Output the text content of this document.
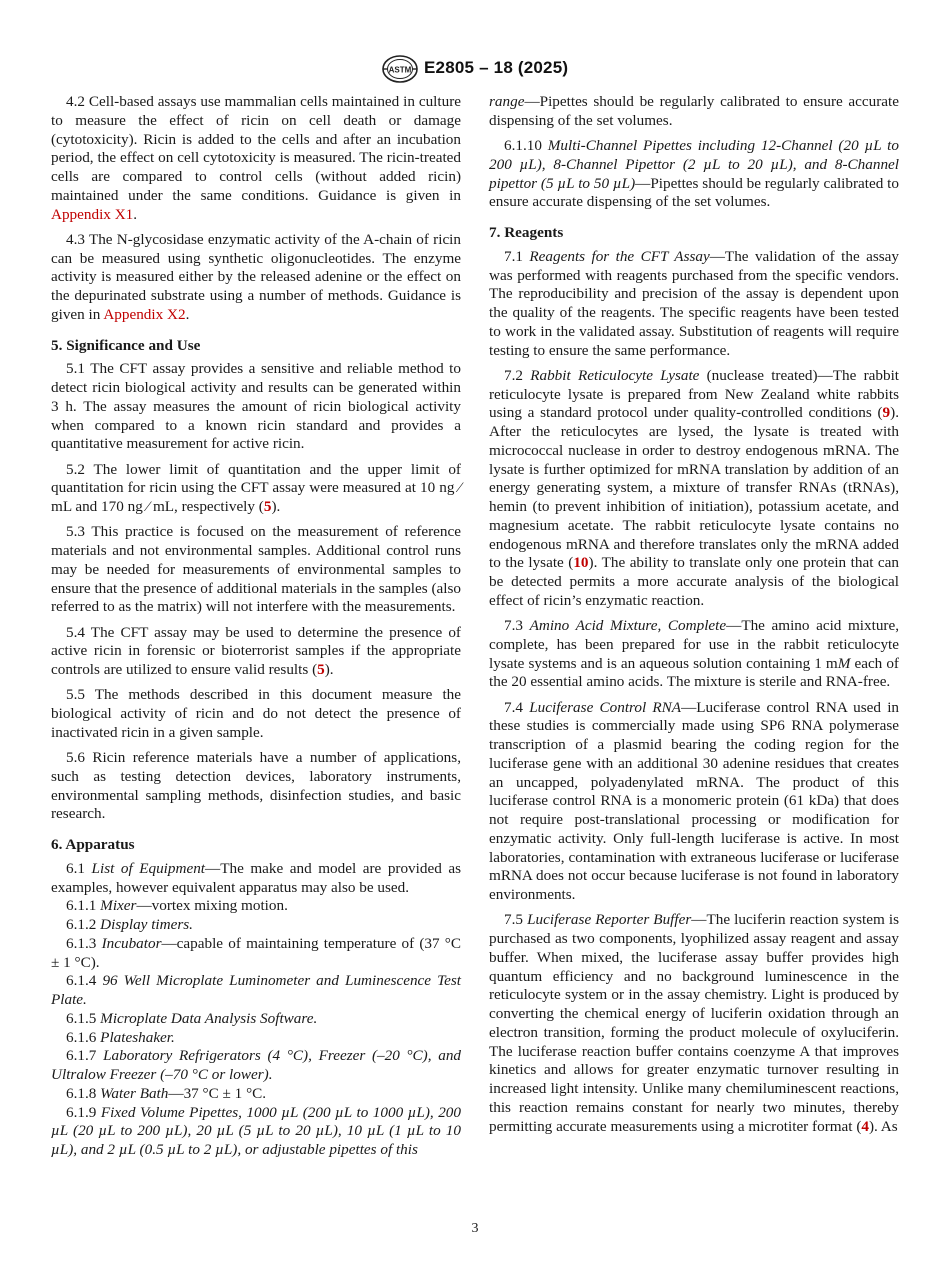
ASTM E2805 – 18 (2025)

4.2 Cell-based assays use mammalian cells maintained in culture to measure the effect of ricin on cell death or damage (cytotoxicity). Ricin is added to the cells and after an incubation period, the effect on cell cytotoxicity is measured. The ricin-treated cells are compared to control cells (without added ricin) maintained under the same conditions. Guidance is given in Appendix X1.

4.3 The N-glycosidase enzymatic activity of the A-chain of ricin can be measured using synthetic oligonucleotides. The enzyme activity is measured either by the released adenine or the effect on the depurinated substrate using a number of methods. Guidance is given in Appendix X2.

5. Significance and Use

5.1 The CFT assay provides a sensitive and reliable method to detect ricin biological activity and results can be generated within 3 h. The assay measures the amount of ricin biological activity when compared to a known ricin standard and provides a quantitative measurement for active ricin.

5.2 The lower limit of quantitation and the upper limit of quantitation for ricin using the CFT assay were measured at 10 ng ⁄ mL and 170 ng ⁄ mL, respectively (5).

5.3 This practice is focused on the measurement of reference materials and not environmental samples. Additional control runs may be needed for measurements of environmental samples to ensure that the presence of additional materials in the samples (also referred to as the matrix) will not interfere with the measurements.

5.4 The CFT assay may be used to determine the presence of active ricin in forensic or bioterrorist samples if the appropriate controls are utilized to ensure valid results (5).

5.5 The methods described in this document measure the biological activity of ricin and do not detect the presence of inactivated ricin in a given sample.

5.6 Ricin reference materials have a number of applications, such as testing detection devices, laboratory instruments, environmental sampling methods, disinfection studies, and basic research.

6. Apparatus

6.1 List of Equipment—The make and model are provided as examples, however equivalent apparatus may also be used.

6.1.1 Mixer—vortex mixing motion.

6.1.2 Display timers.

6.1.3 Incubator—capable of maintaining temperature of (37 °C ± 1 °C).

6.1.4 96 Well Microplate Luminometer and Luminescence Test Plate.

6.1.5 Microplate Data Analysis Software.

6.1.6 Plateshaker.

6.1.7 Laboratory Refrigerators (4 °C), Freezer (–20 °C), and Ultralow Freezer (–70 °C or lower).

6.1.8 Water Bath—37 °C ± 1 °C.

6.1.9 Fixed Volume Pipettes, 1000 µL (200 µL to 1000 µL), 200 µL (20 µL to 200 µL), 20 µL (5 µL to 20 µL), 10 µL (1 µL to 10 µL), and 2 µL (0.5 µL to 2 µL), or adjustable pipettes of this

range—Pipettes should be regularly calibrated to ensure accurate dispensing of the set volumes.

6.1.10 Multi-Channel Pipettes including 12-Channel (20 µL to 200 µL), 8-Channel Pipettor (2 µL to 20 µL), and 8-Channel pipettor (5 µL to 50 µL)—Pipettes should be regularly calibrated to ensure accurate dispensing of the set volumes.

7. Reagents

7.1 Reagents for the CFT Assay—The validation of the assay was performed with reagents purchased from the specific vendors. The reproducibility and precision of the assay is dependent upon the quality of the reagents. The specific reagents have been tested to work in the validated assay. Substitution of reagents will require testing to ensure the same performance.

7.2 Rabbit Reticulocyte Lysate (nuclease treated)—The rabbit reticulocyte lysate is prepared from New Zealand white rabbits using a standard protocol under quality-controlled conditions (9). After the reticulocytes are lysed, the lysate is treated with micrococcal nuclease in order to destroy endogenous mRNA. The lysate is further optimized for mRNA translation by addition of an energy generating system, a mixture of transfer RNAs (tRNAs), hemin (to prevent inhibition of initiation), potassium acetate, and magnesium acetate. The rabbit reticulocyte lysate contains no endogenous mRNA and therefore translates only the mRNA added to the lysate (10). The ability to translate only one protein that can be detected permits a more accurate analysis of the biological effect of ricin’s enzymatic reaction.

7.3 Amino Acid Mixture, Complete—The amino acid mixture, complete, has been prepared for use in the rabbit reticulocyte lysate systems and is an aqueous solution containing 1 mM each of the 20 essential amino acids. The mixture is sterile and RNA-free.

7.4 Luciferase Control RNA—Luciferase control RNA used in these studies is commercially made using SP6 RNA polymerase transcription of a plasmid bearing the coding region for the luciferase gene with an additional 30 adenine residues that creates an uncapped, polyadenylated mRNA. The product of this luciferase control RNA is a monomeric protein (61 kDa) that does not require post-translational processing or modification for enzymatic activity. Only full-length luciferase is active. In most laboratories, contamination with extraneous luciferase or luciferase mRNA does not occur because luciferase is not found in laboratory environments.

7.5 Luciferase Reporter Buffer—The luciferin reaction system is purchased as two components, lyophilized assay reagent and assay buffer. When mixed, the luciferase assay buffer provides high quantum efficiency and no background luminescence in the reticulocyte system or in the assay chemistry. Light is produced by converting the chemical energy of luciferin oxidation through an electron transition, forming the product molecule of oxyluciferin. The luciferase reaction buffer contains coenzyme A that improves kinetics and allows for greater enzymatic turnover resulting in increased light intensity. Unlike many chemiluminescent reactions, this reaction remains constant for nearly two minutes, thereby permitting accurate measurements using a microtiter format (4). As

3
